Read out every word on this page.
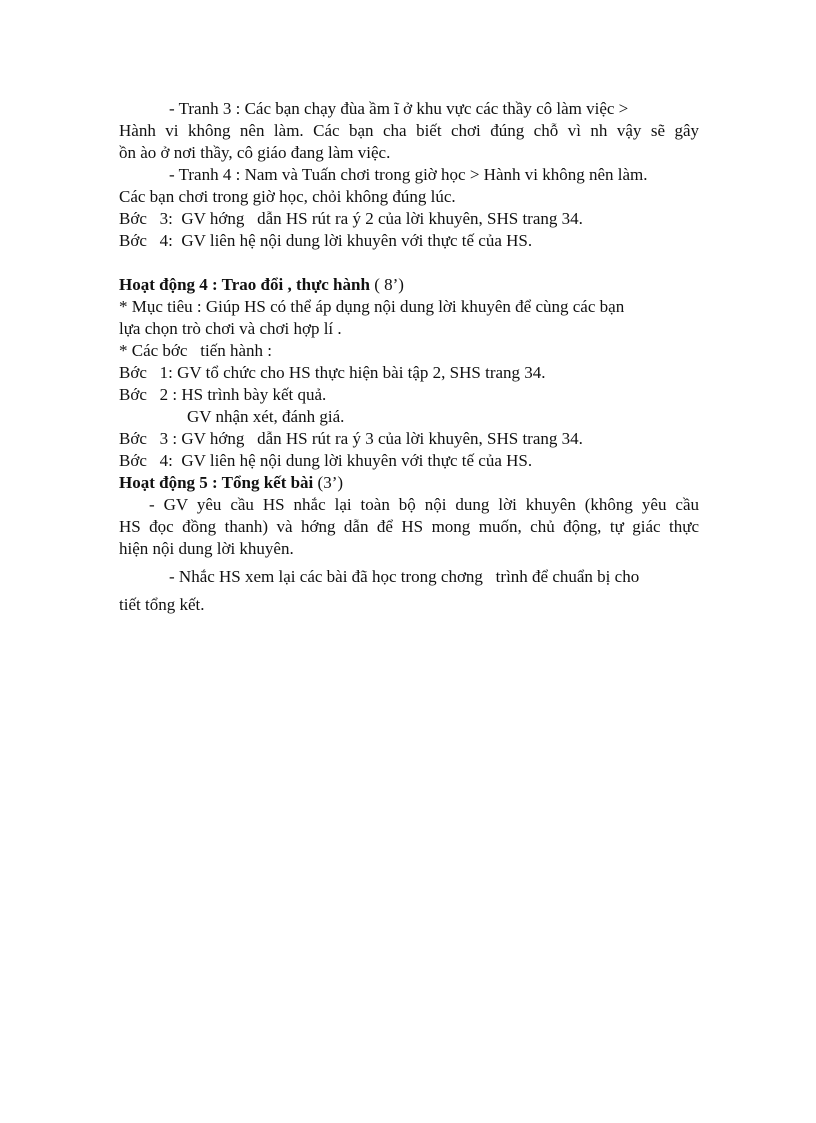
- Tranh 3 : Các bạn chạy đùa ầm ĩ ở khu vực các thầy cô làm việc >
Hành vi không nên làm. Các bạn cha biết chơi đúng chỗ vì nh vậy sẽ gây
ồn ào ở nơi thầy, cô giáo đang làm việc.
- Tranh 4 : Nam và Tuấn chơi trong giờ học > Hành vi không nên làm.
Các bạn chơi trong giờ học, chỏi không đúng lúc.
Bớc   3:  GV hớng   dẫn HS rút ra ý 2 của lời khuyên, SHS trang 34.
Bớc   4:  GV liên hệ nội dung lời khuyên với thực tế của HS.
Hoạt động 4 : Trao đổi , thực hành ( 8’)
* Mục tiêu : Giúp HS có thể áp dụng nội dung lời khuyên để cùng các bạn
lựa chọn trò chơi và chơi hợp lí .
* Các bớc   tiến hành :
Bớc   1: GV tổ chức cho HS thực hiện bài tập 2, SHS trang 34.
Bớc   2 : HS trình bày kết quả.
GV nhận xét, đánh giá.
Bớc   3 : GV hớng   dẫn HS rút ra ý 3 của lời khuyên, SHS trang 34.
Bớc   4:  GV liên hệ nội dung lời khuyên với thực tế của HS.
Hoạt động 5 : Tổng kết bài (3’)
- GV yêu cầu HS nhắc lại toàn bộ nội dung lời khuyên (không yêu cầu
HS đọc đồng thanh) và hớng dẫn để HS mong muốn, chủ động, tự giác thực
hiện nội dung lời khuyên.
- Nhắc HS xem lại các bài đã học trong chơng   trình để chuẩn bị cho
tiết tổng kết.
